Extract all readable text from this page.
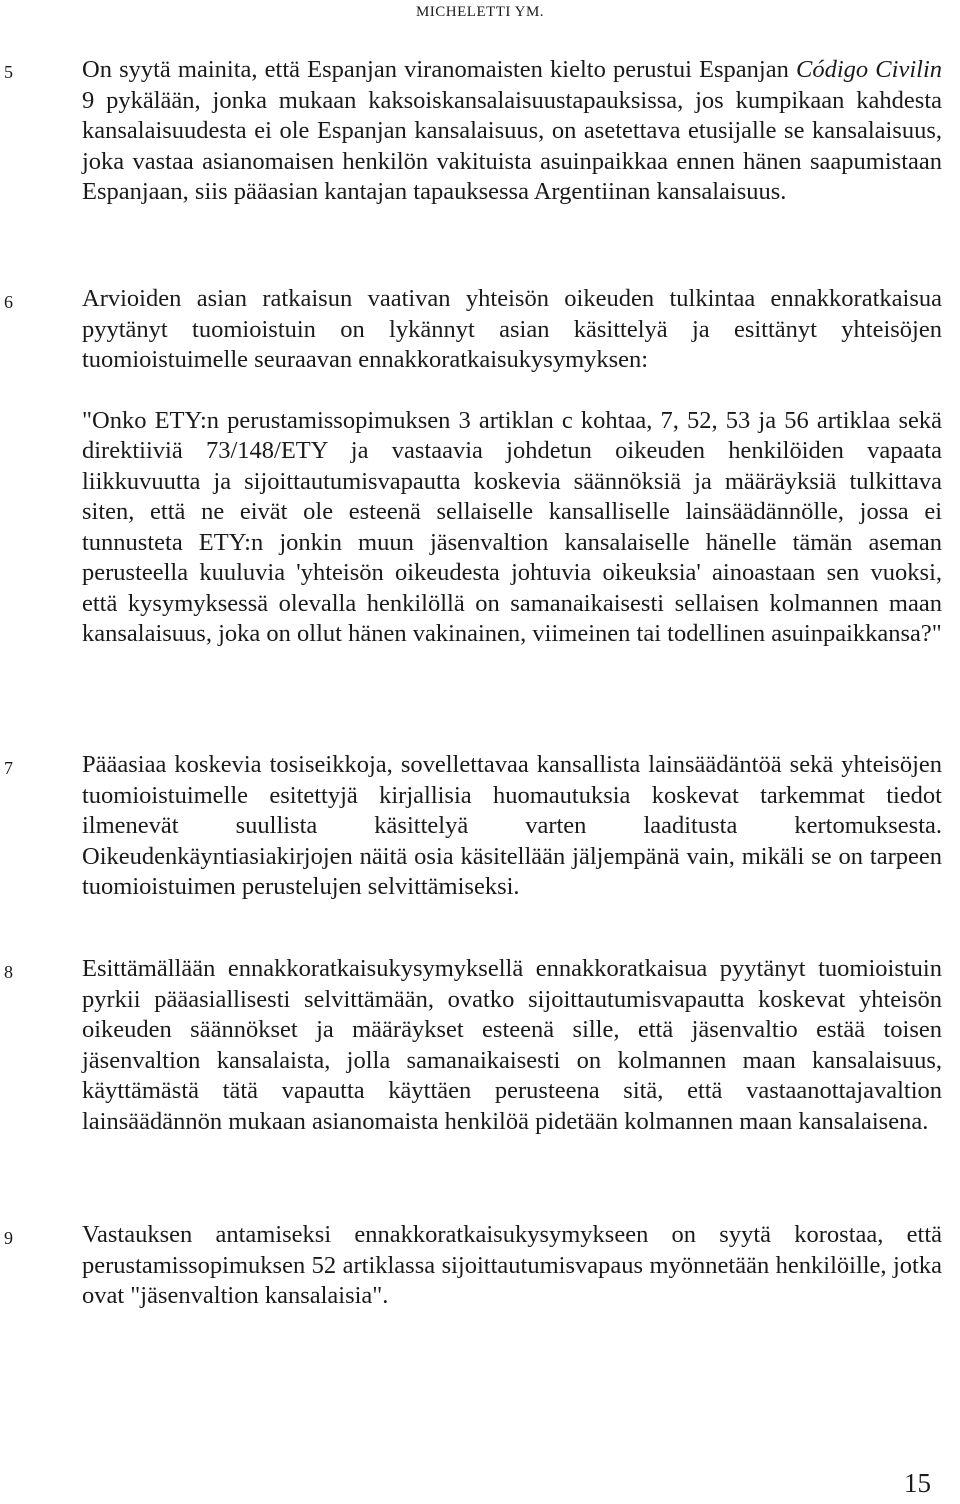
MICHELETTI YM.
5	On syytä mainita, että Espanjan viranomaisten kielto perustui Espanjan Código Civilin 9 pykälään, jonka mukaan kaksoiskansalaisuustapauksissa, jos kumpikaan kahdesta kansalaisuudesta ei ole Espanjan kansalaisuus, on asetettava etusijalle se kansalaisuus, joka vastaa asianomaisen henkilön vakituista asuinpaikkaa ennen hänen saapumistaan Espanjaan, siis pääasian kantajan tapauksessa Argentiinan kansalaisuus.

6	Arvioiden asian ratkaisun vaativan yhteisön oikeuden tulkintaa ennakkoratkaisua pyytänyt tuomioistuin on lykännyt asian käsittelyä ja esittänyt yhteisöjen tuomioistuimelle seuraavan ennakkoratkaisukysymyksen:

"Onko ETY:n perustamissopimuksen 3 artiklan c kohtaa, 7, 52, 53 ja 56 artiklaa sekä direktiiviä 73/148/ETY ja vastaavia johdetun oikeuden henkilöiden vapaata liikkuvuutta ja sijoittautumisvapautta koskevia säännöksiä ja määräyksiä tulkittava siten, että ne eivät ole esteenä sellaiselle kansalliselle lainsäädännölle, jossa ei tunnusteta ETY:n jonkin muun jäsenvaltion kansalaiselle hänelle tämän aseman perusteella kuuluvia 'yhteisön oikeudesta johtuvia oikeuksia' ainoastaan sen vuoksi, että kysymyksessä olevalla henkilöllä on samanaikaisesti sellaisen kolmannen maan kansalaisuus, joka on ollut hänen vakinainen, viimeinen tai todellinen asuinpaikkansa?"

7	Pääasiaa koskevia tosiseikkoja, sovellettavaa kansallista lainsäädäntöä sekä yhteisöjen tuomioistuimelle esitettyjä kirjallisia huomautuksia koskevat tarkemmat tiedot ilmenevät suullista käsittelyä varten laaditusta kertomuksesta. Oikeudenkäyntiasiakirjojen näitä osia käsitellään jäljempänä vain, mikäli se on tarpeen tuomioistuimen perustelujen selvittämiseksi.

8	Esittämällään ennakkoratkaisukysymyksellä ennakkoratkaisua pyytänyt tuomioistuin pyrkii pääasiallisesti selvittämään, ovatko sijoittautumisvapautta koskevat yhteisön oikeuden säännökset ja määräykset esteenä sille, että jäsenvaltio estää toisen jäsenvaltion kansalaista, jolla samanaikaisesti on kolmannen maan kansalaisuus, käyttämästä tätä vapautta käyttäen perusteena sitä, että vastaanottajavaltion lainsäädännön mukaan asianomaista henkilöä pidetään kolmannen maan kansalaisena.

9	Vastauksen antamiseksi ennakkoratkaisukysymykseen on syytä korostaa, että perustamissopimuksen 52 artiklassa sijoittautumisvapaus myönnetään henkilöille, jotka ovat "jäsenvaltion kansalaisia".

15
